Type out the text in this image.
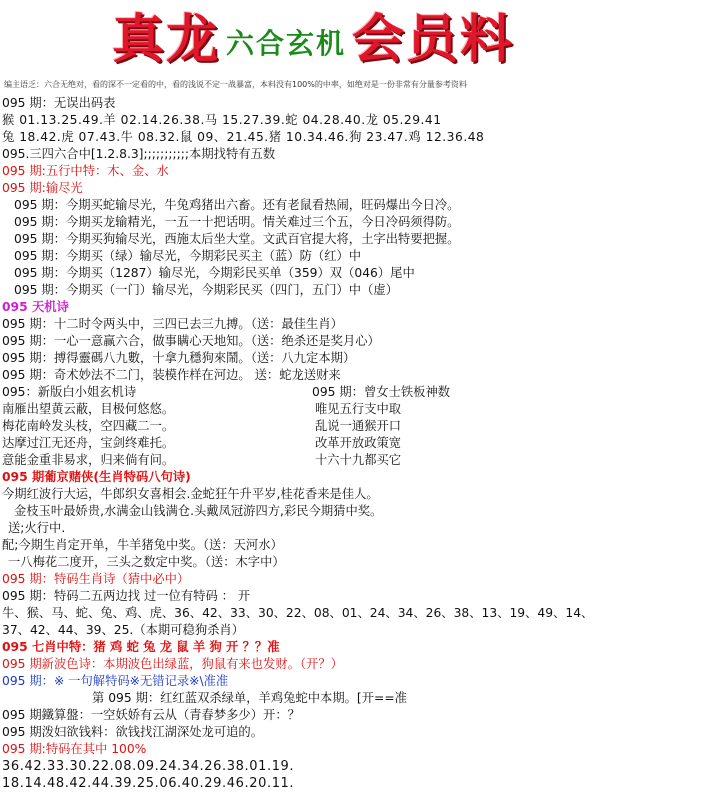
真龙 六合玄机 会员料
编主语乏：六合无绝对，看的深不一定看的中，看的浅说不定一战暴富，本料没有100%的中率，如绝对是一份非常有分量参考资料
095 期：无误出码表
猴 01.13.25.49.羊 02.14.26.38.马 15.27.39.蛇 04.28.40.龙 05.29.41
兔 18.42.虎 07.43.牛 08.32.鼠 09、21.45.猪 10.34.46.狗 23.47.鸡 12.36.48
095.三四六合中[1.2.8.3];;;;;;;;;;;本期找特有五数
095 期:五行中特：木、金、水
095 期:输尽光
095 期：今期买蛇输尽光，牛兔鸡猪出六畜。还有老鼠看热闹，旺码爆出今日冷。
095 期：今期买龙输精光，一五一十把话明。情关难过三个五，今日冷码须得防。
095 期：今期买狗输尽光，西施太后坐大堂。文武百官提大将，土字出特要把握。
095 期：今期买（绿）输尽光，今期彩民买主（蓝）防（红）中
095 期：今期买（1287）输尽光，今期彩民买单（359）双（046）尾中
095 期：今期买（一门）输尽光，今期彩民买（四门，五门）中（虚）
095 天机诗
095 期：十二时令两头中，三四已去三九搏。（送：最佳生肖）
095 期：一心一意赢六合，做事瞒心天地知。（送：绝杀还是奖月心）
095 期：搏得靈碼八九數，十拿九穩狗來鬧。（送：八九定本期）
095 期：奇术妙法不二门，装模作样在河边。 送：蛇龙送财来
095：新版白小姐玄机诗	095 期：曾女士铁板神数
南雁出望黄云蔽，目极何悠悠。	唯见五行支中取
梅花南岭发头枝，空四藏二一。	乱说一通猴开口
达摩过江无还舟，宝剑终难托。	改革开放政策宽
意能金重非易求，归来倘有问。	十六十九都买它
095 期葡京赌侠(生肖特码八句诗)
今期红波行大运，牛郎织女喜相会.金蛇狂午升平岁,桂花香来是佳人。
金枝玉叶最娇贵,水满金山钱满仓.头戴凤冠游四方,彩民今期猜中奖。
送;火行中.
配;今期生肖定开单，牛羊猪兔中奖。（送：天河水）
一八梅花二度开，三头之数定中奖。（送：木字中）
095 期：特码生肖诗（猜中必中）
095 期：特码二五两边找 过一位有特码 ： 开
牛、猴、马、蛇、兔、鸡、虎、36、42、33、30、22、08、01、24、34、26、38、13、19、49、14、
37、42、44、39、25.（本期可稳狗杀肖）
095 七肖中特：猪 鸡 蛇 兔 龙 鼠 羊 狗 开 ？？准
095 期新波色诗：本期波色出绿蓝，狗鼠有来也发财。（开？）
095 期：※ 一句解特码※无错记录※\准准
第 095 期：红红蓝双杀绿单，羊鸡兔蛇中本期。[开==准
095 期鐵算盤：一空妖娇有云从（青春梦多少）开：？
095 期泼妇欲钱料：欲钱找江湖深处龙可追的。
095 期:特码在其中 100%
36.42.33.30.22.08.09.24.34.26.38.01.19.
18.14.48.42.44.39.25.06.40.29.46.20.11.
